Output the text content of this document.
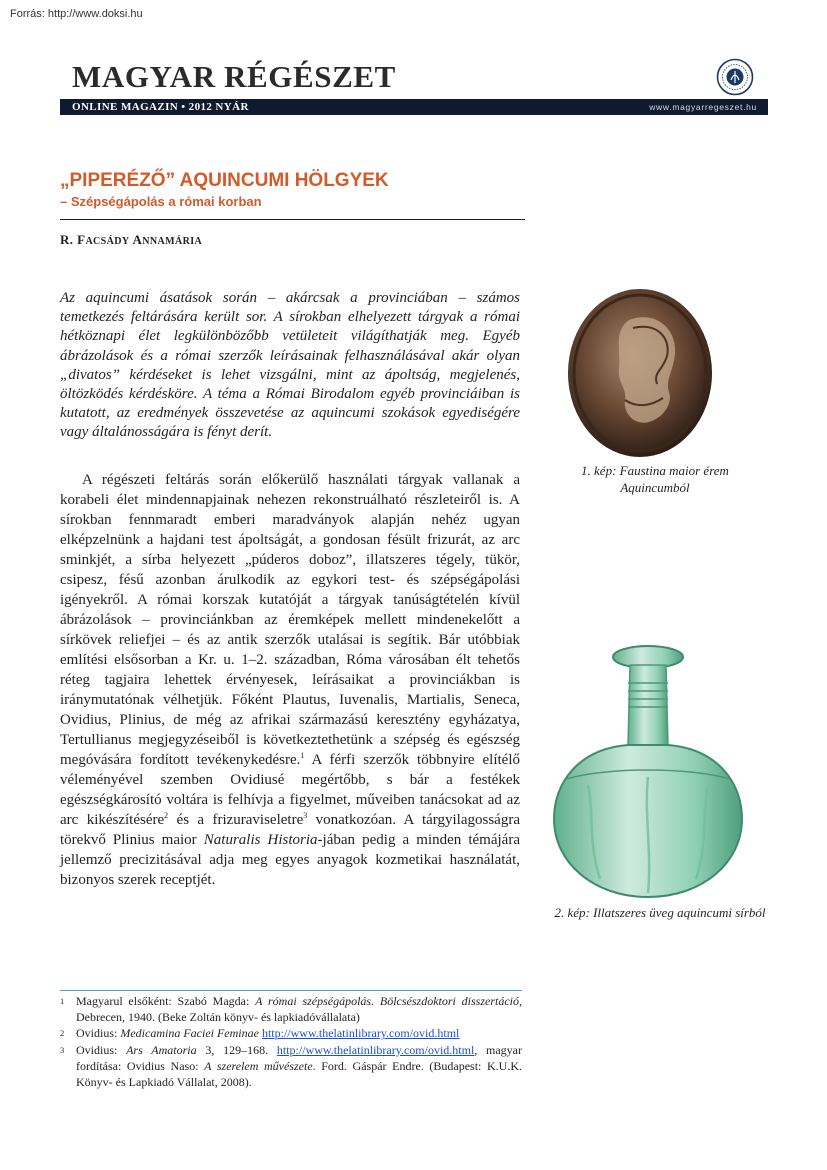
Forrás: http://www.doksi.hu
MAGYAR RÉGÉSZET
ONLINE MAGAZIN • 2012 NYÁR	www.magyarregeszet.hu
„PIPERÉZŐ” AQUINCUMI HÖLGYEK
– Szépségápolás a római korban
R. FACSÁDY ANNAMÁRIA

Az aquincumi ásatások során – akárcsak a provinciában – számos temetkezés feltárására került sor. A sírokban elhelyezett tárgyak a római hétköznapi élet legkülönbözőbb vetületeit világíthatják meg. Egyéb ábrázolások és a római szerzők leírásainak felhasználásával akár olyan „divatos” kérdéseket is lehet vizsgálni, mint az ápoltság, megjelenés, öltözködés kérdésköre. A téma a Római Birodalom egyéb provinciáiban is kutatott, az eredmények összevetése az aquincumi szokások egyediségére vagy általánosságára is fényt derít.

A régészeti feltárás során előkerülő használati tárgyak vallanak a korabeli élet mindennapjainak nehezen rekonstruálható részleteiről is. A sírokban fennmaradt emberi maradványok alapján nehéz ugyan elképzelnünk a hajdani test ápoltságát, a gondosan fésült frizurát, az arc sminkjét, a sírba helyezett „púderos doboz”, illatszeres tégely, tükör, csipesz, fésű azonban árulkodik az egykori test- és szépségápolási igényekről. A római korszak kutatóját a tárgyak tanúságtételén kívül ábrázolások – provinciánkban az éremképek mellett mindenekelőtt a sírkövek reliefjei – és az antik szerzők utalásai is segítik. Bár utóbbiak említési elsősorban a Kr. u. 1–2. században, Róma városában élt tehetős réteg tagjaira lehettek érvényesek, leírásaikat a provinciákban is iránymutatónak vélhetjük. Főként Plautus, Iuvenalis, Martialis, Seneca, Ovidius, Plinius, de még az afrikai származású keresztény egyházatya, Tertullianus megjegyzéseiből is következtethetünk a szépség és egészség megóvására fordított tevékenykedésre.$^1$ A férfi szerzők többnyire elítélő véleményével szemben Ovidiusé megértőbb, s bár a festékek egészségkárosító voltára is felhívja a figyelmet, műveiben tanácsokat ad az arc kikészítésére$^2$ és a frizuraviseletre$^3$ vonatkozóan. A tárgyilagosságra törekvő Plinius maior Naturalis Historia-jában pedig a minden témájára jellemző precizitásával adja meg egyes anyagok kozmetikai használatát, bizonyos szerek receptjét.

1. kép: Faustina maior érem
Aquincumból

2. kép: Illatszeres üveg aquincumi sírból

1 Magyarul elsőként: Szabó Magda: A római szépségápolás. Bölcsészdoktori disszertáció, Debrecen, 1940. (Beke Zoltán könyv- és lapkiadóvállalata)
2 Ovidius: Medicamina Faciei Feminae http://www.thelatinlibrary.com/ovid.html
3 Ovidius: Ars Amatoria 3, 129–168. http://www.thelatinlibrary.com/ovid.html, magyar fordítása: Ovidius Naso: A szerelem művészete. Ford. Gáspár Endre. (Budapest: K.U.K. Könyv- és Lapkiadó Vállalat, 2008).
